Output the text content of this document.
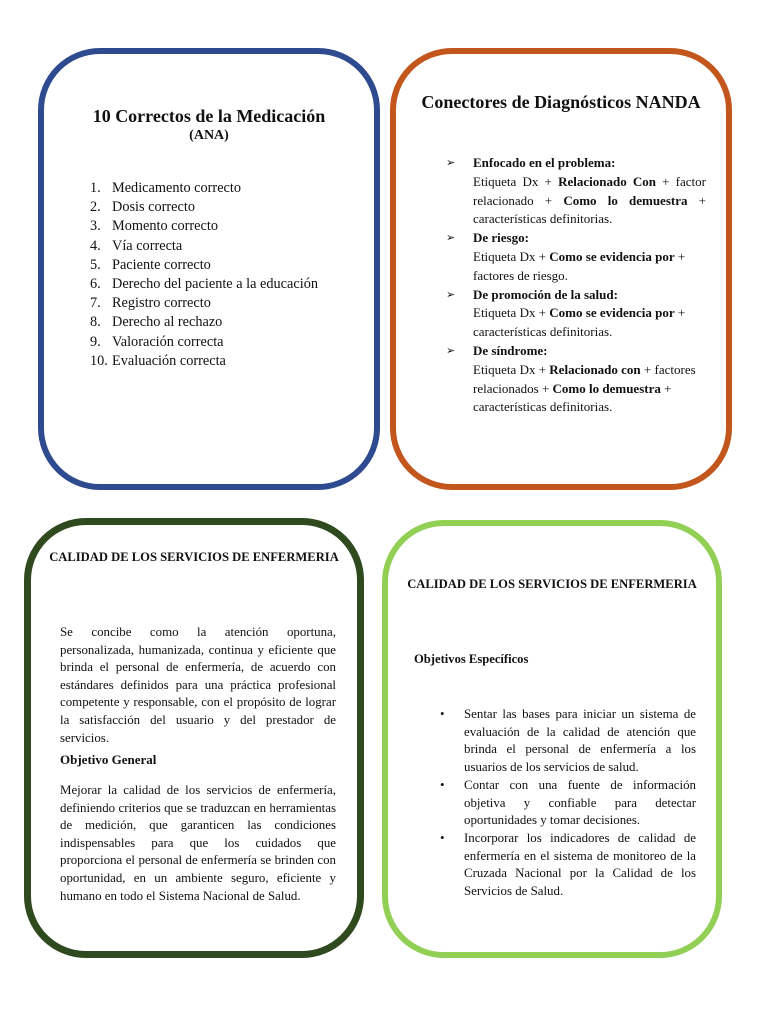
10 Correctos de la Medicación
(ANA)
1. Medicamento correcto
2. Dosis correcto
3. Momento correcto
4. Vía correcta
5. Paciente correcto
6. Derecho del paciente a la educación
7. Registro correcto
8. Derecho al rechazo
9. Valoración correcta
10. Evaluación correcta
Conectores de Diagnósticos NANDA
➢ Enfocado en el problema:
Etiqueta Dx + Relacionado Con + factor relacionado + Como lo demuestra + características definitorias.
➢ De riesgo:
Etiqueta Dx + Como se evidencia por + factores de riesgo.
➢ De promoción de la salud:
Etiqueta Dx + Como se evidencia por + características definitorias.
➢ De síndrome:
Etiqueta Dx + Relacionado con + factores relacionados + Como lo demuestra + características definitorias.
CALIDAD DE LOS SERVICIOS DE ENFERMERIA
Se concibe como la atención oportuna, personalizada, humanizada, continua y eficiente que brinda el personal de enfermería, de acuerdo con estándares definidos para una práctica profesional competente y responsable, con el propósito de lograr la satisfacción del usuario y del prestador de servicios.
Objetivo General
Mejorar la calidad de los servicios de enfermería, definiendo criterios que se traduzcan en herramientas de medición, que garanticen las condiciones indispensables para que los cuidados que proporciona el personal de enfermería se brinden con oportunidad, en un ambiente seguro, eficiente y humano en todo el Sistema Nacional de Salud.
CALIDAD DE LOS SERVICIOS DE ENFERMERIA
Objetivos Específicos
• Sentar las bases para iniciar un sistema de evaluación de la calidad de atención que brinda el personal de enfermería a los usuarios de los servicios de salud.
• Contar con una fuente de información objetiva y confiable para detectar oportunidades y tomar decisiones.
• Incorporar los indicadores de calidad de enfermería en el sistema de monitoreo de la Cruzada Nacional por la Calidad de los Servicios de Salud.
